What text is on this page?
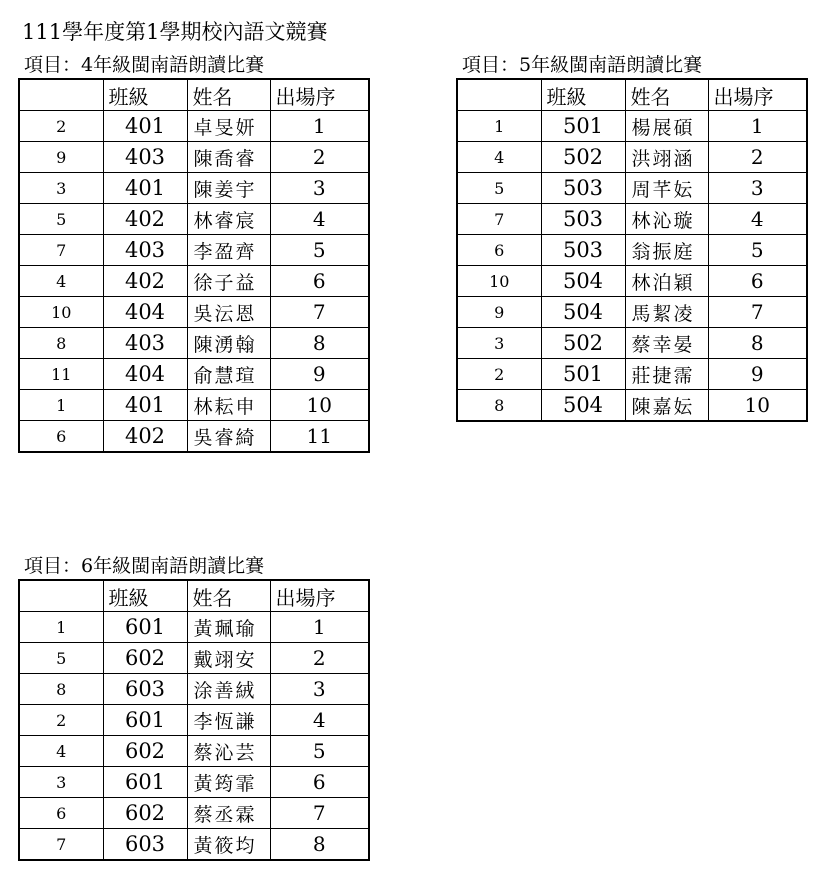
111學年度第1學期校內語文競賽
項目：4年級閩南語朗讀比賽
	班級	姓名	出場序
2	401	卓旻妍	1
9	403	陳喬睿	2
3	401	陳姜宇	3
5	402	林睿宸	4
7	403	李盈齊	5
4	402	徐子益	6
10	404	吳沄恩	7
8	403	陳湧翰	8
11	404	俞慧瑄	9
1	401	林耘申	10
6	402	吳睿綺	11
項目：5年級閩南語朗讀比賽
	班級	姓名	出場序
1	501	楊展碩	1
4	502	洪翊涵	2
5	503	周芊妘	3
7	503	林沁璇	4
6	503	翁振庭	5
10	504	林泊穎	6
9	504	馬絜凌	7
3	502	蔡幸晏	8
2	501	莊捷霈	9
8	504	陳嘉妘	10
項目：6年級閩南語朗讀比賽
	班級	姓名	出場序
1	601	黃珮瑜	1
5	602	戴翊安	2
8	603	涂善絨	3
2	601	李恆謙	4
4	602	蔡沁芸	5
3	601	黃筠霏	6
6	602	蔡丞霖	7
7	603	黃筱均	8
